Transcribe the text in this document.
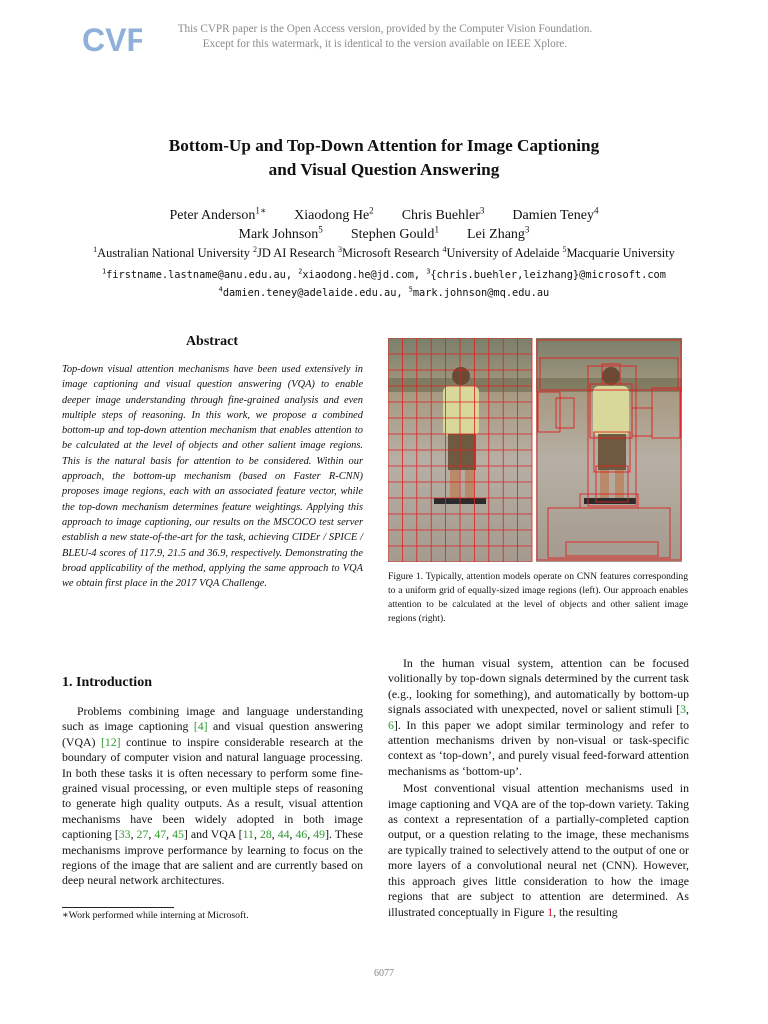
CVF	This CVPR paper is the Open Access version, provided by the Computer Vision Foundation.
Except for this watermark, it is identical to the version available on IEEE Xplore.
Bottom-Up and Top-Down Attention for Image Captioning
and Visual Question Answering
Peter Anderson$^{1∗}$ Xiaodong He$^2$ Chris Buehler$^3$ Damien Teney$^4$
Mark Johnson$^5$ Stephen Gould$^1$ Lei Zhang$^3$
$^1$Australian National University $^2$JD AI Research $^3$Microsoft Research $^4$University of Adelaide $^5$Macquarie University
$^1$firstname.lastname@anu.edu.au, $^2$xiaodong.he@jd.com, $^3${chris.buehler,leizhang}@microsoft.com
$^4$damien.teney@adelaide.edu.au, $^5$mark.johnson@mq.edu.au
Abstract
Top-down visual attention mechanisms have been used extensively in image captioning and visual question answering (VQA) to enable deeper image understanding through fine-grained analysis and even multiple steps of reasoning. In this work, we propose a combined bottom-up and top-down attention mechanism that enables attention to be calculated at the level of objects and other salient image regions. This is the natural basis for attention to be considered. Within our approach, the bottom-up mechanism (based on Faster R-CNN) proposes image regions, each with an associated feature vector, while the top-down mechanism determines feature weightings. Applying this approach to image captioning, our results on the MSCOCO test server establish a new state-of-the-art for the task, achieving CIDEr / SPICE / BLEU-4 scores of 117.9, 21.5 and 36.9, respectively. Demonstrating the broad applicability of the method, applying the same approach to VQA we obtain first place in the 2017 VQA Challenge.
1. Introduction

Problems combining image and language understanding such as image captioning [4] and visual question answering (VQA) [12] continue to inspire considerable research at the boundary of computer vision and natural language processing. In both these tasks it is often necessary to perform some fine-grained visual processing, or even multiple steps of reasoning to generate high quality outputs. As a result, visual attention mechanisms have been widely adopted in both image captioning [33, 27, 47, 45] and VQA [11, 28, 44, 46, 49]. These mechanisms improve performance by learning to focus on the regions of the image that are salient and are currently based on deep neural network architectures.

∗Work performed while interning at Microsoft.
Figure 1. Typically, attention models operate on CNN features corresponding to a uniform grid of equally-sized image regions (left). Our approach enables attention to be calculated at the level of objects and other salient image regions (right).

In the human visual system, attention can be focused volitionally by top-down signals determined by the current task (e.g., looking for something), and automatically by bottom-up signals associated with unexpected, novel or salient stimuli [3, 6]. In this paper we adopt similar terminology and refer to attention mechanisms driven by non-visual or task-specific context as ‘top-down’, and purely visual feed-forward attention mechanisms as ‘bottom-up’.

Most conventional visual attention mechanisms used in image captioning and VQA are of the top-down variety. Taking as context a representation of a partially-completed caption output, or a question relating to the image, these mechanisms are typically trained to selectively attend to the output of one or more layers of a convolutional neural net (CNN). However, this approach gives little consideration to how the image regions that are subject to attention are determined. As illustrated conceptually in Figure 1, the resulting

6077
